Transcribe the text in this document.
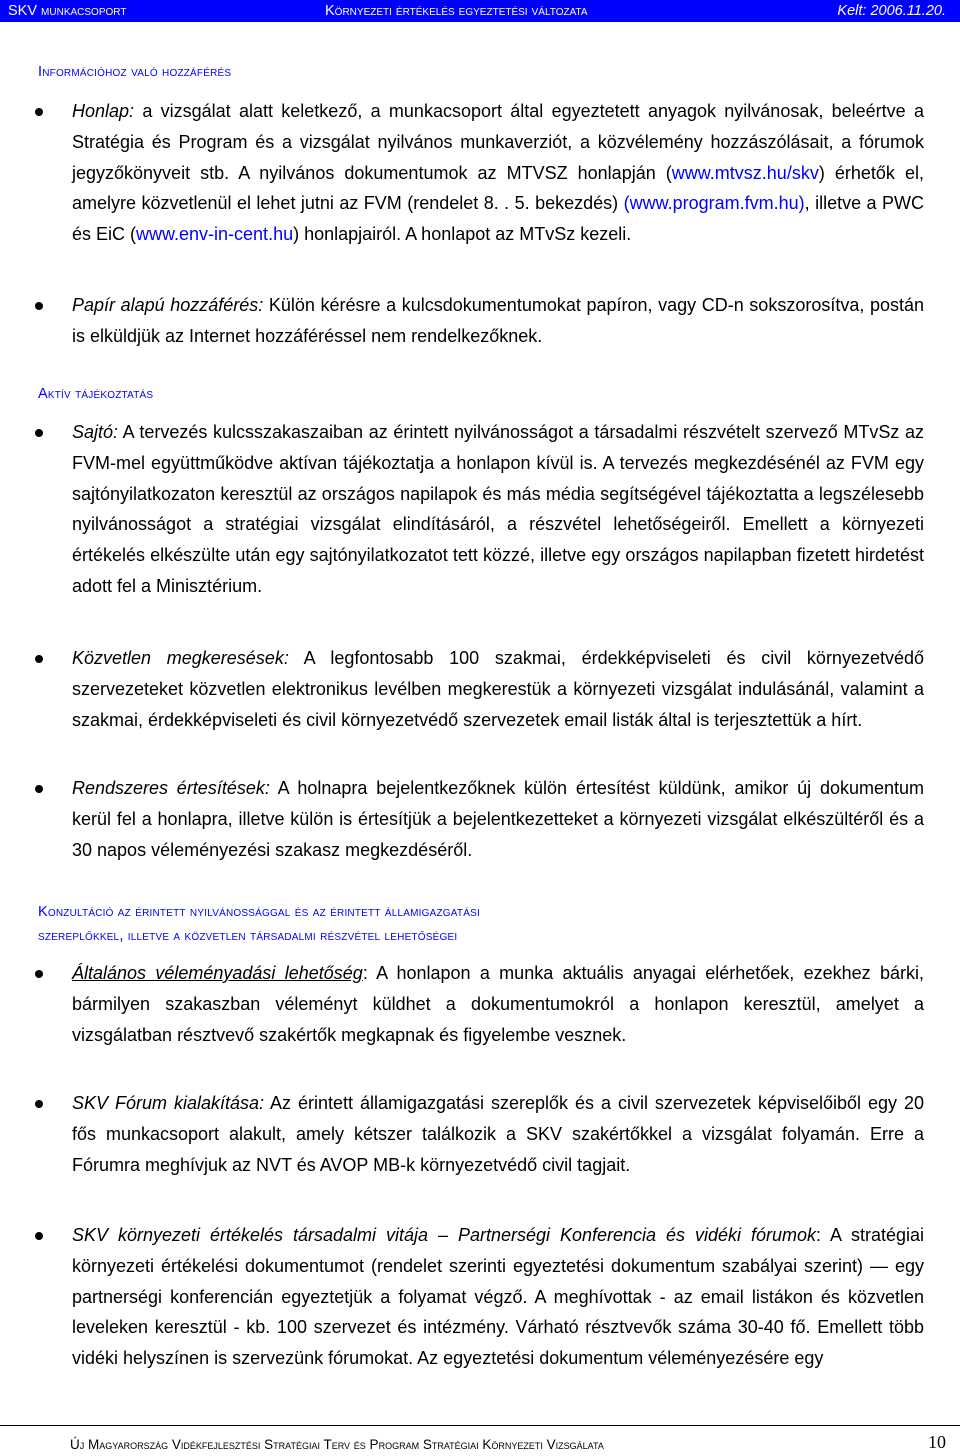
SKV munkacsoport	Környezeti értékelés egyeztetési változata	Kelt: 2006.11.20.
Információhoz való hozzáférés

Honlap: a vizsgálat alatt keletkező, a munkacsoport által egyeztetett anyagok nyilvánosak, beleértve a Stratégia és Program és a vizsgálat nyilvános munkaverziót, a közvélemény hozzászólásait, a fórumok jegyzőkönyveit stb. A nyilvános dokumentumok az MTVSZ honlapján (www.mtvsz.hu/skv) érhetők el, amelyre közvetlenül el lehet jutni az FVM (rendelet 8. . 5. bekezdés) (www.program.fvm.hu), illetve a PWC és EiC (www.env-in-cent.hu) honlapjairól. A honlapot az MTvSz kezeli.

Papír alapú hozzáférés: Külön kérésre a kulcsdokumentumokat papíron, vagy CD-n sokszorosítva, postán is elküldjük az Internet hozzáféréssel nem rendelkezőknek.

Aktív tájékoztatás

Sajtó: A tervezés kulcsszakaszaiban az érintett nyilvánosságot a társadalmi részvételt szervező MTvSz az FVM-mel együttműködve aktívan tájékoztatja a honlapon kívül is. A tervezés megkezdésénél az FVM egy sajtónyilatkozaton keresztül az országos napilapok és más média segítségével tájékoztatta a legszélesebb nyilvánosságot a stratégiai vizsgálat elindításáról, a részvétel lehetőségeiről. Emellett a környezeti értékelés elkészülte után egy sajtónyilatkozatot tett közzé, illetve egy országos napilapban fizetett hirdetést adott fel a Minisztérium.

Közvetlen megkeresések: A legfontosabb 100 szakmai, érdekképviseleti és civil környezetvédő szervezeteket közvetlen elektronikus levélben megkerestük a környezeti vizsgálat indulásánál, valamint a szakmai, érdekképviseleti és civil környezetvédő szervezetek email listák által is terjesztettük a hírt.

Rendszeres értesítések: A holnapra bejelentkezőknek külön értesítést küldünk, amikor új dokumentum kerül fel a honlapra, illetve külön is értesítjük a bejelentkezetteket a környezeti vizsgálat elkészültéről és a 30 napos véleményezési szakasz megkezdéséről.

Konzultáció az érintett nyilvánossággal és az érintett államigazgatási
szereplőkkel, illetve a közvetlen társadalmi részvétel lehetőségei

Általános véleményadási lehetőség: A honlapon a munka aktuális anyagai elérhetőek, ezekhez bárki, bármilyen szakaszban véleményt küldhet a dokumentumokról a honlapon keresztül, amelyet a vizsgálatban résztvevő szakértők megkapnak és figyelembe vesznek.

SKV Fórum kialakítása: Az érintett államigazgatási szereplők és a civil szervezetek képviselőiből egy 20 fős munkacsoport alakult, amely kétszer találkozik a SKV szakértőkkel a vizsgálat folyamán. Erre a Fórumra meghívjuk az NVT és AVOP MB-k környezetvédő civil tagjait.

SKV környezeti értékelés társadalmi vitája – Partnerségi Konferencia és vidéki fórumok: A stratégiai környezeti értékelési dokumentumot (rendelet szerinti egyeztetési dokumentum szabályai szerint) — egy partnerségi konferencián egyeztetjük a folyamat végző. A meghívottak - az email listákon és közvetlen leveleken keresztül - kb. 100 szervezet és intézmény. Várható résztvevők száma 30-40 fő. Emellett több vidéki helyszínen is szervezünk fórumokat. Az egyeztetési dokumentum véleményezésére egy

Új Magyarország Vidékfejlesztési Stratégiai Terv és Program Stratégiai Környezeti Vizsgálata	10
